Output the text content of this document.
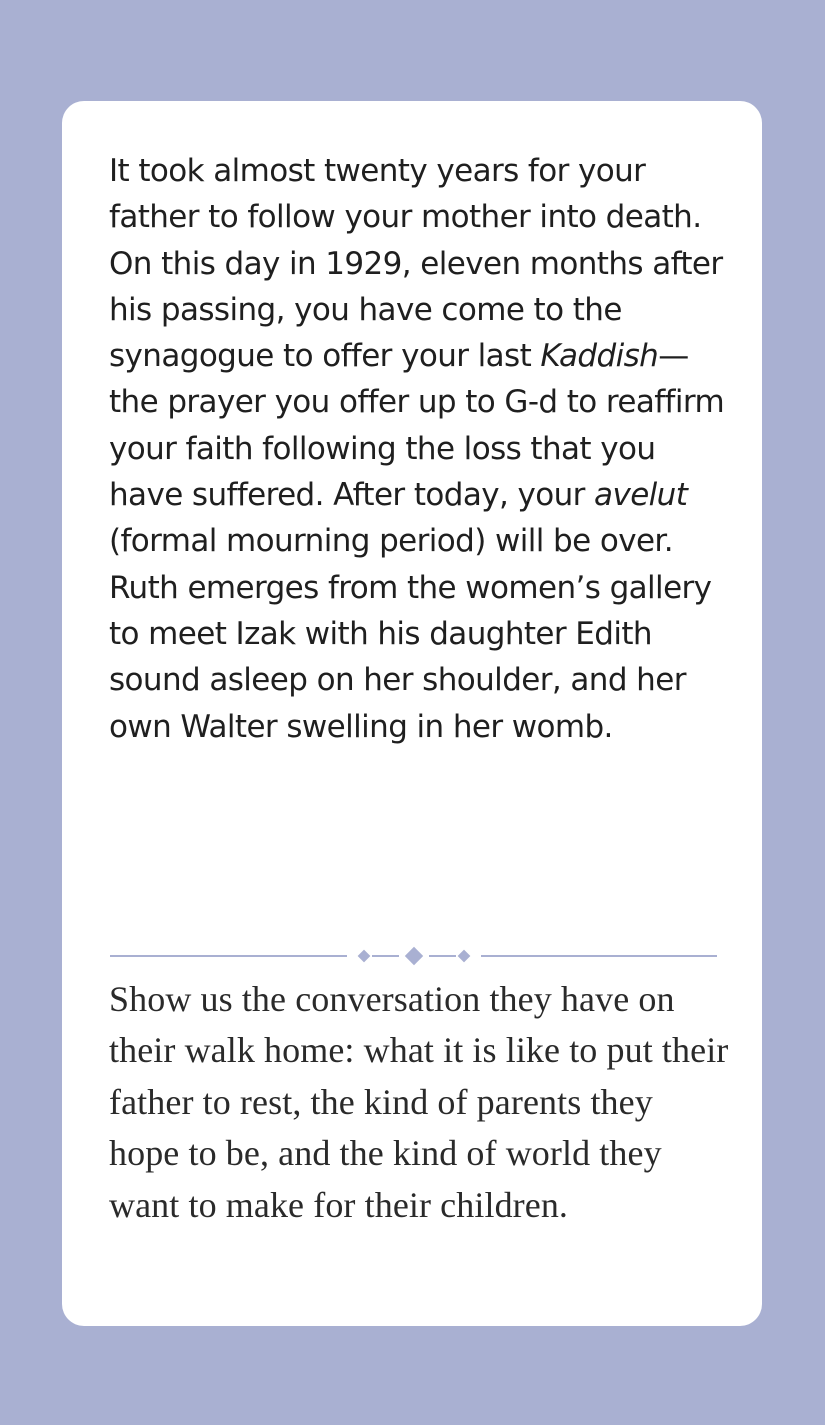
It took almost twenty years for your father to follow your mother into death. On this day in 1929, eleven months after his passing, you have come to the synagogue to offer your last Kaddish—the prayer you offer up to G-d to reaffirm your faith following the loss that you have suffered. After today, your avelut (formal mourning period) will be over. Ruth emerges from the women’s gallery to meet Izak with his daughter Edith sound asleep on her shoulder, and her own Walter swelling in her womb.

Show us the conversation they have on their walk home: what it is like to put their father to rest, the kind of parents they hope to be, and the kind of world they want to make for their children.
